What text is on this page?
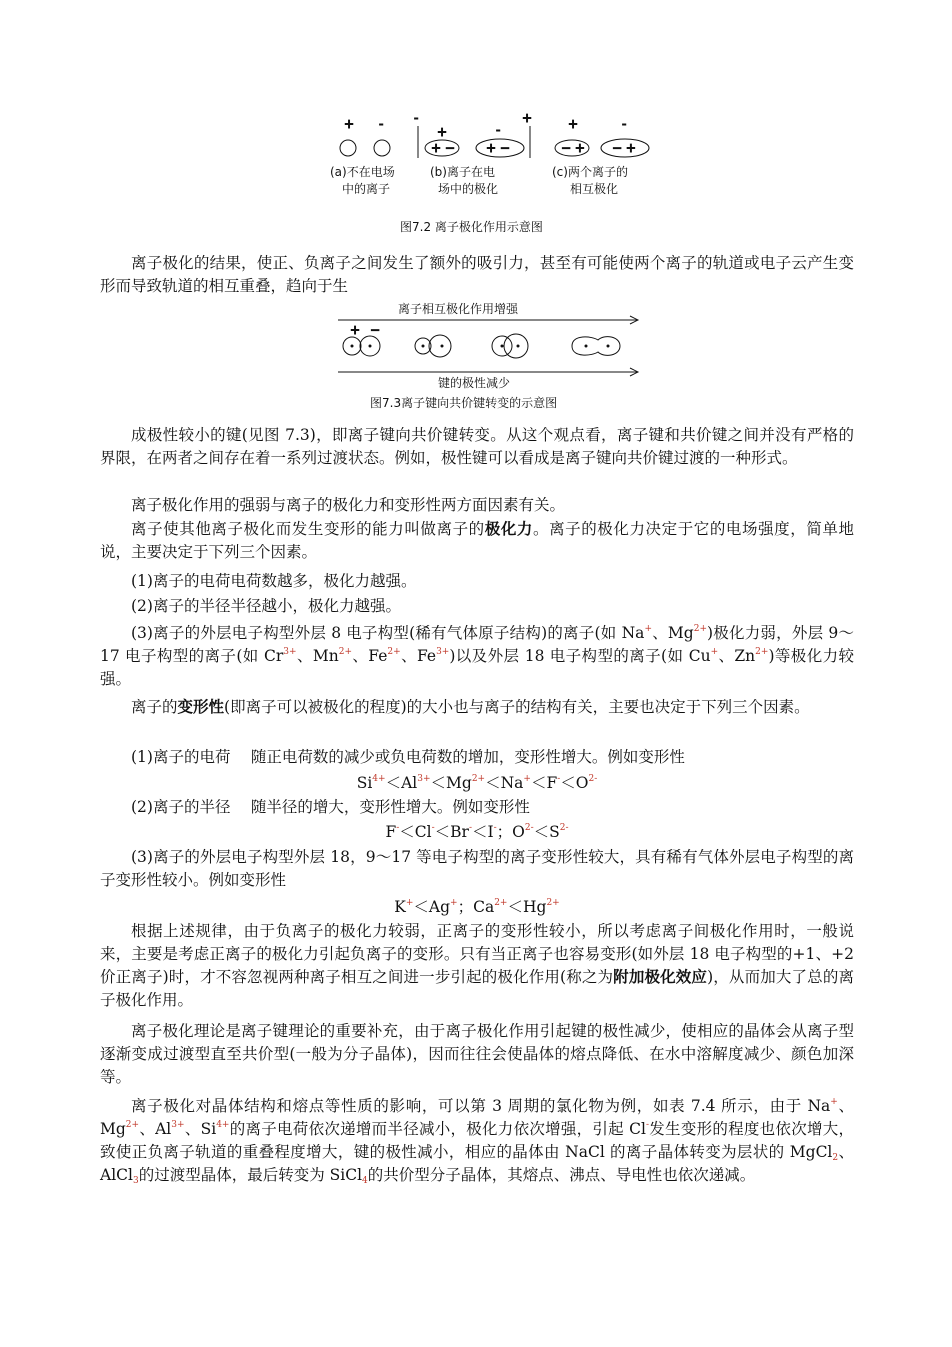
+ -	-	+
+	-
+ −	+ −
+	-
− + − +
(a)不在电场
中的离子
(b)离子在电
场中的极化
(c)两个离子的
相互极化
图7.2 离子极化作用示意图

离子极化的结果，使正、负离子之间发生了额外的吸引力，甚至有可能使两个离子的轨道或电子云产生变形而导致轨道的相互重叠，趋向于生

离子相互极化作用增强
+ −
键的极性减少
图7.3离子键向共价键转变的示意图

成极性较小的键(见图 7.3)，即离子键向共价键转变。从这个观点看，离子键和共价键之间并没有严格的界限，在两者之间存在着一系列过渡状态。例如，极性键可以看成是离子键向共价键过渡的一种形式。

离子极化作用的强弱与离子的极化力和变形性两方面因素有关。

离子使其他离子极化而发生变形的能力叫做离子的极化力。离子的极化力决定于它的电场强度，简单地说，主要决定于下列三个因素。

(1)离子的电荷电荷数越多，极化力越强。

(2)离子的半径半径越小，极化力越强。

(3)离子的外层电子构型外层 8 电子构型(稀有气体原子结构)的离子(如 Na+、$Mg^{2+}$)极化力弱，外层 9～17 电子构型的离子(如 $Cr^{3+}$、$Mn^{2+}$、$Fe^{2+}$、$Fe^{3+}$)以及外层 18 电子构型的离子(如 Cu+、$Zn^{2+}$)等极化力较强。

离子的变形性(即离子可以被极化的程度)的大小也与离子的结构有关，主要也决定于下列三个因素。

(1)离子的电荷　 随正电荷数的减少或负电荷数的增加，变形性增大。例如变形性

$Si^{4+}<Al^{3+}<Mg^{2+}<Na^+<F^-<O^{2-}$

(2)离子的半径　 随半径的增大，变形性增大。例如变形性

F-＜Cl-＜Br-＜I-；$O^{2-}<S^{2-}$

(3)离子的外层电子构型外层 18，9～17 等电子构型的离子变形性较大，具有稀有气体外层电子构型的离子变形性较小。例如变形性

K+＜Ag+；$Ca^{2+}<Hg^{2+}$

根据上述规律，由于负离子的极化力较弱，正离子的变形性较小，所以考虑离子间极化作用时，一般说来，主要是考虑正离子的极化力引起负离子的变形。只有当正离子也容易变形(如外层 18 电子构型的+1、+2 价正离子)时，才不容忽视两种离子相互之间进一步引起的极化作用(称之为附加极化效应)，从而加大了总的离子极化作用。

离子极化理论是离子键理论的重要补充，由于离子极化作用引起键的极性减少，使相应的晶体会从离子型逐渐变成过渡型直至共价型(一般为分子晶体)，因而往往会使晶体的熔点降低、在水中溶解度减少、颜色加深等。

离子极化对晶体结构和熔点等性质的影响，可以第 3 周期的氯化物为例，如表 7.4 所示，由于 Na+、$Mg^{2+}$、$Al^{3+}$、$Si^{4+}$的离子电荷依次递增而半径减小，极化力依次增强，引起 Cl-发生变形的程度也依次增大，致使正负离子轨道的重叠程度增大，键的极性减小，相应的晶体由 NaCl 的离子晶体转变为层状的 MgCl$_2$、AlCl$_3$的过渡型晶体，最后转变为 SiCl$_4$的共价型分子晶体，其熔点、沸点、导电性也依次递减。
